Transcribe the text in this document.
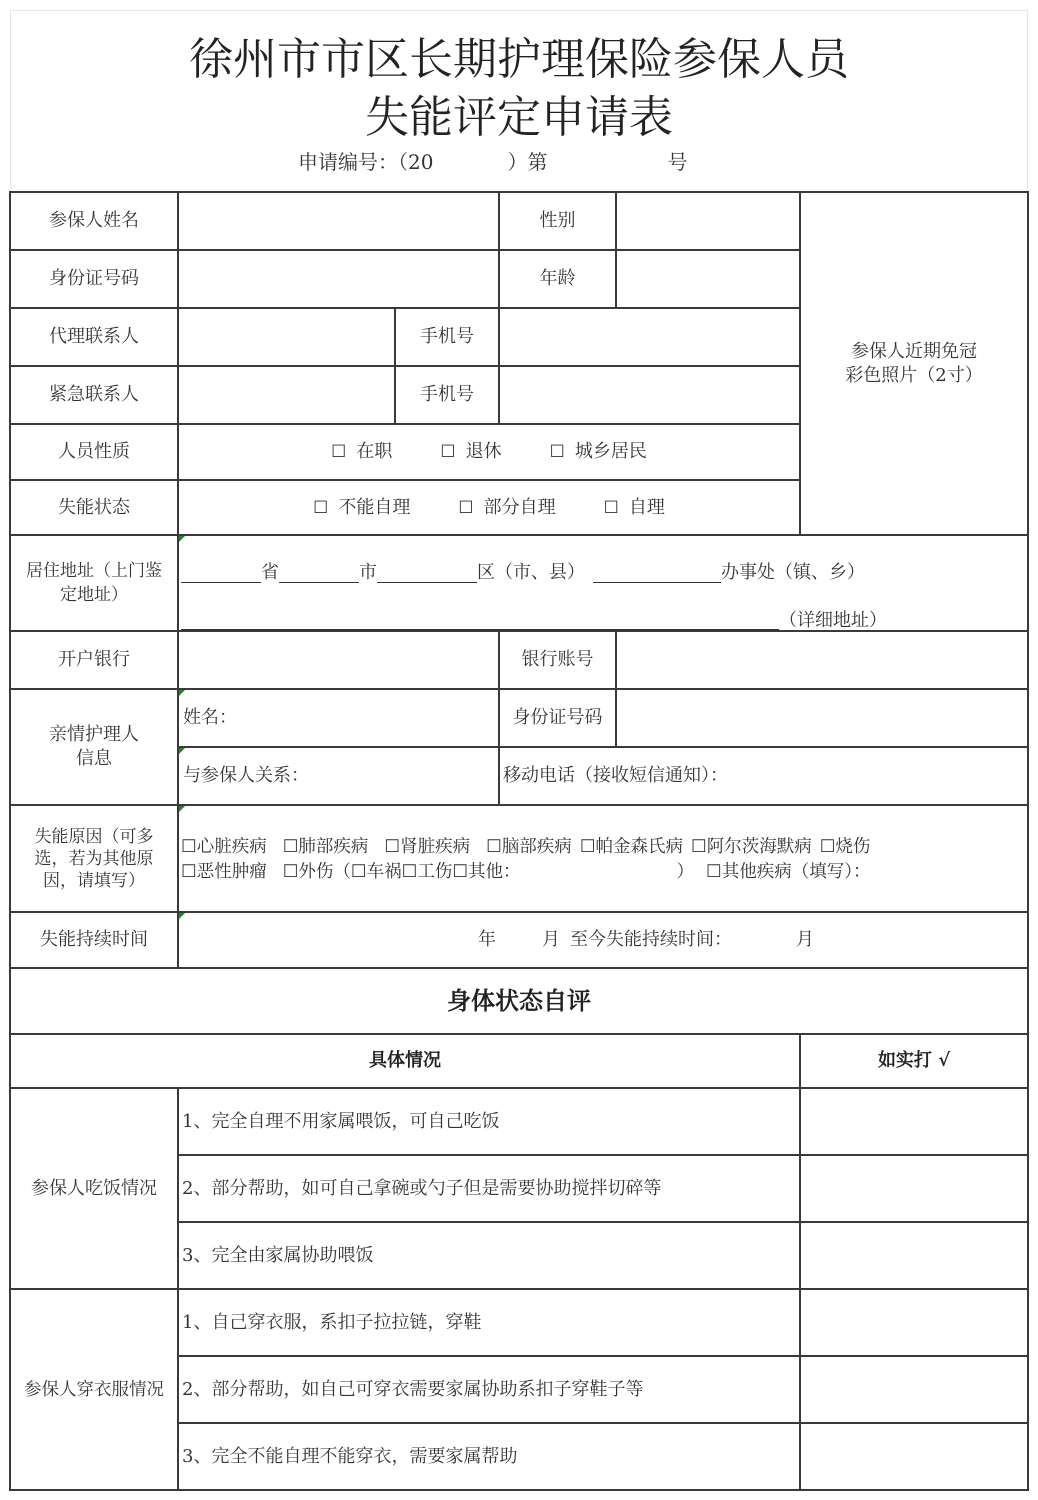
徐州市市区长期护理保险参保人员
失能评定申请表
申请编号：（20	）第	号
参保人姓名	性别
身份证号码	年龄
代理联系人	手机号
紧急联系人	手机号
参保人近期免冠
彩色照片（2寸）
人员性质	☐ 在职	☐ 退休	☐ 城乡居民
失能状态	☐ 不能自理	☐ 部分自理	☐ 自理
居住地址（上门鉴
定地址）
省	市	区（市、县）	办事处（镇、乡）
（详细地址）
开户银行	银行账号
亲情护理人
信息
姓名：	身份证号码
与参保人关系：	移动电话（接收短信通知）：
失能原因（可多
选，若为其他原
因，请填写）
☐心脏疾病 ☐肺部疾病 ☐肾脏疾病 ☐脑部疾病 ☐帕金森氏病 ☐阿尔茨海默病 ☐烧伤
☐恶性肿瘤 ☐外伤（ ☐车祸 ☐工伤 ☐其他：	） ☐其他疾病（填写）：
失能持续时间	年	月 至今失能持续时间：	月
身体状态自评
具体情况	如实打 √
参保人吃饭情况
1、完全自理不用家属喂饭，可自己吃饭
2、部分帮助，如可自己拿碗或勺子但是需要协助搅拌切碎等
3、完全由家属协助喂饭
参保人穿衣服情况
1、自己穿衣服，系扣子拉拉链，穿鞋
2、部分帮助，如自己可穿衣需要家属协助系扣子穿鞋子等
3、完全不能自理不能穿衣，需要家属帮助
